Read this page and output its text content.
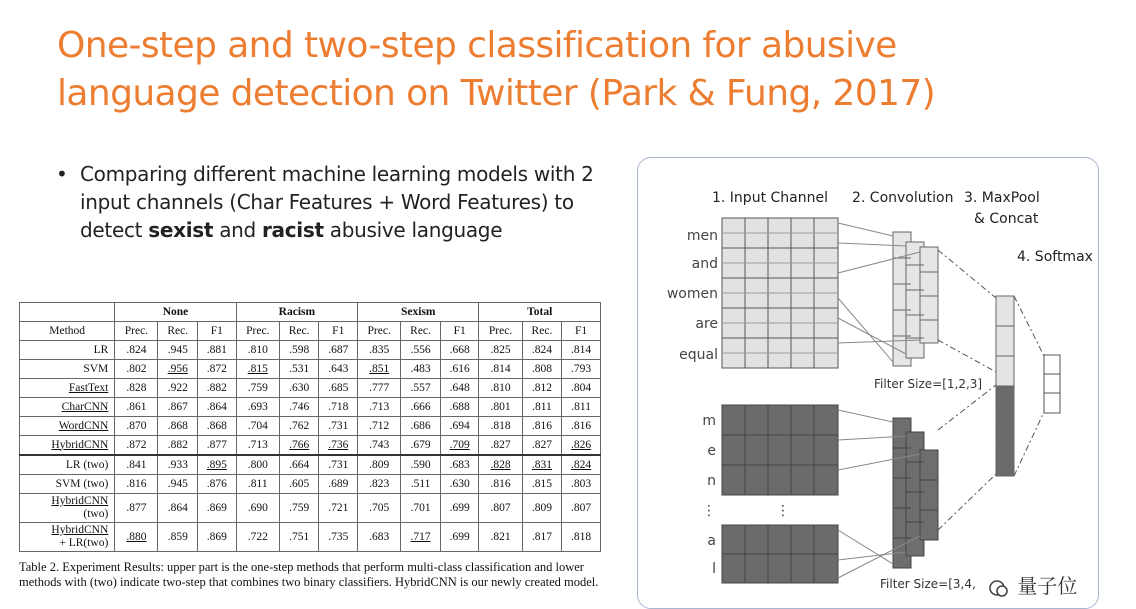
One-step and two-step classification for abusive
language detection on Twitter (Park & Fung, 2017)
• Comparing different machine learning models with 2 input channels (Char Features + Word Features) to detect sexist and racist abusive language
	None			Racism			Sexism			Total		
Method	Prec.	Rec.	F1	Prec.	Rec.	F1	Prec.	Rec.	F1	Prec.	Rec.	F1
LR	.824	.945	.881	.810	.598	.687	.835	.556	.668	.825	.824	.814
SVM	.802	.956	.872	.815	.531	.643	.851	.483	.616	.814	.808	.793
FastText	.828	.922	.882	.759	.630	.685	.777	.557	.648	.810	.812	.804
CharCNN	.861	.867	.864	.693	.746	.718	.713	.666	.688	.801	.811	.811
WordCNN	.870	.868	.868	.704	.762	.731	.712	.686	.694	.818	.816	.816
HybridCNN	.872	.882	.877	.713	.766	.736	.743	.679	.709	.827	.827	.826
LR (two)	.841	.933	.895	.800	.664	.731	.809	.590	.683	.828	.831	.824
SVM (two)	.816	.945	.876	.811	.605	.689	.823	.511	.630	.816	.815	.803
HybridCNN
(two)	.877	.864	.869	.690	.759	.721	.705	.701	.699	.807	.809	.807
HybridCNN
+ LR(two)	.880	.859	.869	.722	.751	.735	.683	.717	.699	.821	.817	.818
Table 2. Experiment Results: upper part is the one-step methods that perform multi-class classification and lower methods with (two) indicate two-step that combines two binary classifiers. HybridCNN is our newly created model.
1. Input Channel 2. Convolution 3. MaxPool
& Concat
4. Softmax
men
and
women
are
equal
Filter Size=[1,2,3]
m
e
n
⋮
a
l
⋮
Filter Size=[3,4,	量子位
